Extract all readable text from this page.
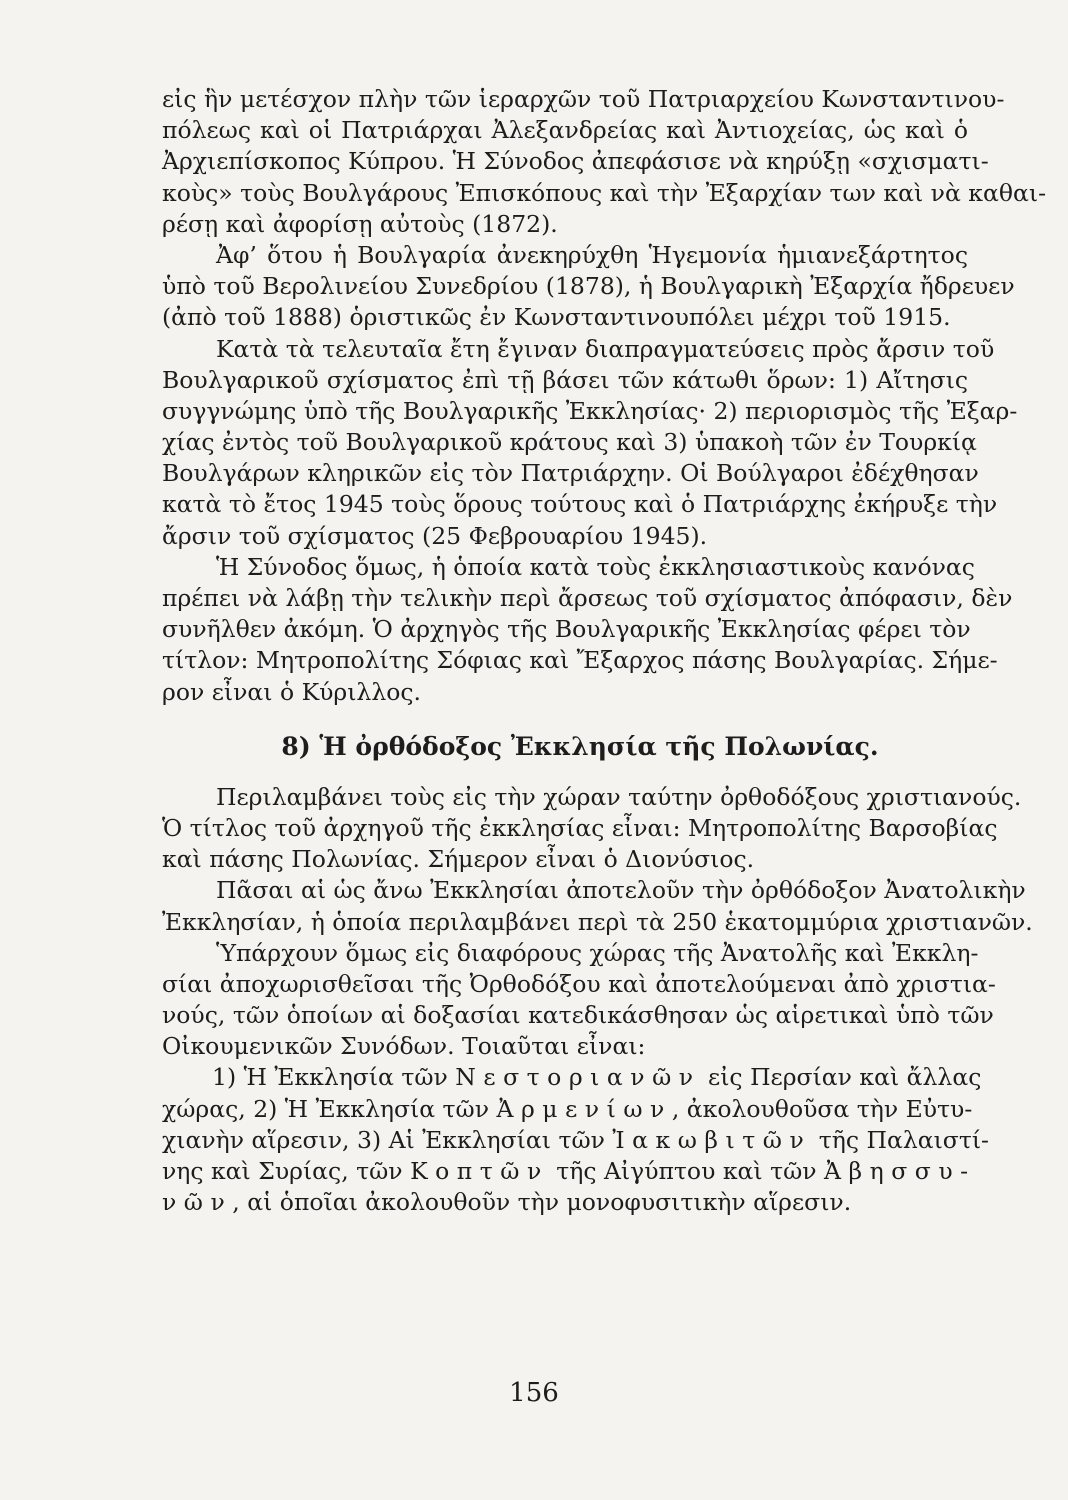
εἰς ἣν μετέσχον πλὴν τῶν ἱεραρχῶν τοῦ Πατριαρχείου Κωνσταντινου-
πόλεως καὶ οἱ Πατριάρχαι Ἀλεξανδρείας καὶ Ἀντιοχείας, ὡς καὶ ὁ
Ἀρχιεπίσκοπος Κύπρου. Ἡ Σύνοδος ἀπεφάσισε νὰ κηρύξῃ «σχισματι-
κοὺς» τοὺς Βουλγάρους Ἐπισκόπους καὶ τὴν Ἐξαρχίαν των καὶ νὰ καθαι-
ρέσῃ καὶ ἀφορίσῃ αὐτοὺς (1872).
Ἀφ’ ὅτου ἡ Βουλγαρία ἀνεκηρύχθη Ἡγεμονία ἡμιανεξάρτητος
ὑπὸ τοῦ Βερολινείου Συνεδρίου (1878), ἡ Βουλγαρικὴ Ἐξαρχία ἤδρευεν
(ἀπὸ τοῦ 1888) ὁριστικῶς ἐν Κωνσταντινουπόλει μέχρι τοῦ 1915.
Κατὰ τὰ τελευταῖα ἔτη ἔγιναν διαπραγματεύσεις πρὸς ἄρσιν τοῦ
Βουλγαρικοῦ σχίσματος ἐπὶ τῇ βάσει τῶν κάτωθι ὅρων: 1) Αἴτησις
συγγνώμης ὑπὸ τῆς Βουλγαρικῆς Ἐκκλησίας· 2) περιορισμὸς τῆς Ἐξαρ-
χίας ἐντὸς τοῦ Βουλγαρικοῦ κράτους καὶ 3) ὑπακοὴ τῶν ἐν Τουρκίᾳ
Βουλγάρων κληρικῶν εἰς τὸν Πατριάρχην. Οἱ Βούλγαροι ἐδέχθησαν
κατὰ τὸ ἔτος 1945 τοὺς ὅρους τούτους καὶ ὁ Πατριάρχης ἐκήρυξε τὴν
ἄρσιν τοῦ σχίσματος (25 Φεβρουαρίου 1945).
Ἡ Σύνοδος ὅμως, ἡ ὁποία κατὰ τοὺς ἐκκλησιαστικοὺς κανόνας
πρέπει νὰ λάβῃ τὴν τελικὴν περὶ ἄρσεως τοῦ σχίσματος ἀπόφασιν, δὲν
συνῆλθεν ἀκόμη. Ὁ ἀρχηγὸς τῆς Βουλγαρικῆς Ἐκκλησίας φέρει τὸν
τίτλον: Μητροπολίτης Σόφιας καὶ Ἔξαρχος πάσης Βουλγαρίας. Σήμε-
ρον εἶναι ὁ Κύριλλος.
8) Ἡ ὀρθόδοξος Ἐκκλησία τῆς Πολωνίας.
Περιλαμβάνει τοὺς εἰς τὴν χώραν ταύτην ὀρθοδόξους χριστιανούς.
Ὁ τίτλος τοῦ ἀρχηγοῦ τῆς ἐκκλησίας εἶναι: Μητροπολίτης Βαρσοβίας
καὶ πάσης Πολωνίας. Σήμερον εἶναι ὁ Διονύσιος.
Πᾶσαι αἱ ὡς ἄνω Ἐκκλησίαι ἀποτελοῦν τὴν ὀρθόδοξον Ἀνατολικὴν
Ἐκκλησίαν, ἡ ὁποία περιλαμβάνει περὶ τὰ 250 ἑκατομμύρια χριστιανῶν.
Ὑπάρχουν ὅμως εἰς διαφόρους χώρας τῆς Ἀνατολῆς καὶ Ἐκκλη-
σίαι ἀποχωρισθεῖσαι τῆς Ὀρθοδόξου καὶ ἀποτελούμεναι ἀπὸ χριστια-
νούς, τῶν ὁποίων αἱ δοξασίαι κατεδικάσθησαν ὡς αἱρετικαὶ ὑπὸ τῶν
Οἰκουμενικῶν Συνόδων. Τοιαῦται εἶναι:
1) Ἡ Ἐκκλησία τῶν Νεστοριανῶν εἰς Περσίαν καὶ ἄλλας
χώρας, 2) Ἡ Ἐκκλησία τῶν Ἀρμενίων, ἀκολουθοῦσα τὴν Εὐτυ-
χιανὴν αἵρεσιν, 3) Αἱ Ἐκκλησίαι τῶν Ἰακωβιτῶν τῆς Παλαιστί-
νης καὶ Συρίας, τῶν Κοπτῶν τῆς Αἰγύπτου καὶ τῶν Ἀβησσυ-
νῶν, αἱ ὁποῖαι ἀκολουθοῦν τὴν μονοφυσιτικὴν αἵρεσιν.
156
